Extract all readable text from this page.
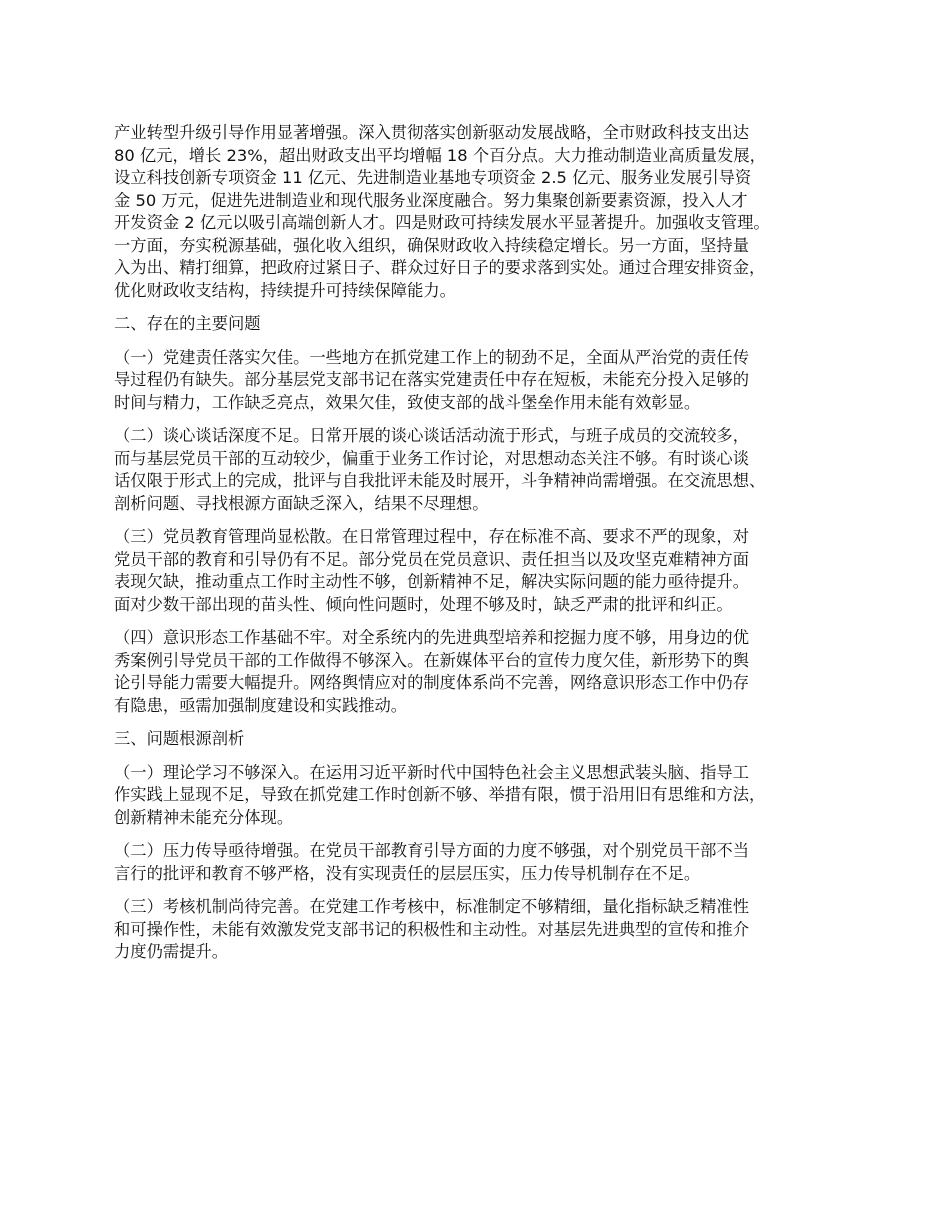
产业转型升级引导作用显著增强。深入贯彻落实创新驱动发展战略，全市财政科技支出达
80 亿元，增长 23%，超出财政支出平均增幅 18 个百分点。大力推动制造业高质量发展，
设立科技创新专项资金 11 亿元、先进制造业基地专项资金 2.5 亿元、服务业发展引导资
金 50 万元，促进先进制造业和现代服务业深度融合。努力集聚创新要素资源，投入人才
开发资金 2 亿元以吸引高端创新人才。四是财政可持续发展水平显著提升。加强收支管理。
一方面，夯实税源基础，强化收入组织，确保财政收入持续稳定增长。另一方面，坚持量
入为出、精打细算，把政府过紧日子、群众过好日子的要求落到实处。通过合理安排资金，
优化财政收支结构，持续提升可持续保障能力。
二、存在的主要问题
（一）党建责任落实欠佳。一些地方在抓党建工作上的韧劲不足，全面从严治党的责任传
导过程仍有缺失。部分基层党支部书记在落实党建责任中存在短板，未能充分投入足够的
时间与精力，工作缺乏亮点，效果欠佳，致使支部的战斗堡垒作用未能有效彰显。
（二）谈心谈话深度不足。日常开展的谈心谈话活动流于形式，与班子成员的交流较多，
而与基层党员干部的互动较少，偏重于业务工作讨论，对思想动态关注不够。有时谈心谈
话仅限于形式上的完成，批评与自我批评未能及时展开，斗争精神尚需增强。在交流思想、
剖析问题、寻找根源方面缺乏深入，结果不尽理想。
（三）党员教育管理尚显松散。在日常管理过程中，存在标准不高、要求不严的现象，对
党员干部的教育和引导仍有不足。部分党员在党员意识、责任担当以及攻坚克难精神方面
表现欠缺，推动重点工作时主动性不够，创新精神不足，解决实际问题的能力亟待提升。
面对少数干部出现的苗头性、倾向性问题时，处理不够及时，缺乏严肃的批评和纠正。
（四）意识形态工作基础不牢。对全系统内的先进典型培养和挖掘力度不够，用身边的优
秀案例引导党员干部的工作做得不够深入。在新媒体平台的宣传力度欠佳，新形势下的舆
论引导能力需要大幅提升。网络舆情应对的制度体系尚不完善，网络意识形态工作中仍存
有隐患，亟需加强制度建设和实践推动。
三、问题根源剖析
（一）理论学习不够深入。在运用习近平新时代中国特色社会主义思想武装头脑、指导工
作实践上显现不足，导致在抓党建工作时创新不够、举措有限，惯于沿用旧有思维和方法，
创新精神未能充分体现。
（二）压力传导亟待增强。在党员干部教育引导方面的力度不够强，对个别党员干部不当
言行的批评和教育不够严格，没有实现责任的层层压实，压力传导机制存在不足。
（三）考核机制尚待完善。在党建工作考核中，标准制定不够精细，量化指标缺乏精准性
和可操作性，未能有效激发党支部书记的积极性和主动性。对基层先进典型的宣传和推介
力度仍需提升。
